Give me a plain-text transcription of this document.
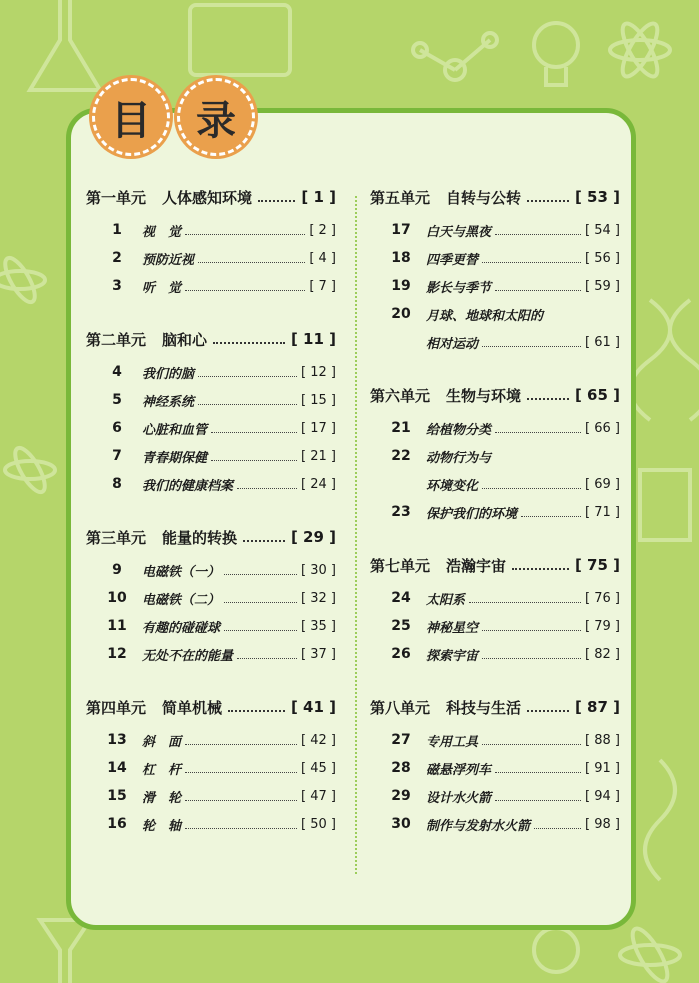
目	录
第一单元 人体感知环境	[ 1 ]
1	视　觉	[ 2 ]
2	预防近视	[ 4 ]
3	听　觉	[ 7 ]
第二单元 脑和心	[ 11 ]
4	我们的脑	[ 12 ]
5	神经系统	[ 15 ]
6	心脏和血管	[ 17 ]
7	青春期保健	[ 21 ]
8	我们的健康档案	[ 24 ]
第三单元 能量的转换	[ 29 ]
9	电磁铁（一）	[ 30 ]
10 电磁铁（二）	[ 32 ]
11 有趣的碰碰球	[ 35 ]
12 无处不在的能量	[ 37 ]
第四单元 简单机械	[ 41 ]
13 斜　面	[ 42 ]
14 杠　杆	[ 45 ]
15 滑　轮	[ 47 ]
16 轮　轴	[ 50 ]
第五单元 自转与公转	[ 53 ]
17 白天与黑夜	[ 54 ]
18 四季更替	[ 56 ]
19 影长与季节	[ 59 ]
20 月球、地球和太阳的
相对运动	[ 61 ]
第六单元 生物与环境	[ 65 ]
21 给植物分类	[ 66 ]
22 动物行为与
环境变化	[ 69 ]
23 保护我们的环境	[ 71 ]
第七单元 浩瀚宇宙	[ 75 ]
24 太阳系	[ 76 ]
25 神秘星空	[ 79 ]
26 探索宇宙	[ 82 ]
第八单元 科技与生活	[ 87 ]
27 专用工具	[ 88 ]
28 磁悬浮列车	[ 91 ]
29 设计水火箭	[ 94 ]
30 制作与发射水火箭	[ 98 ]
